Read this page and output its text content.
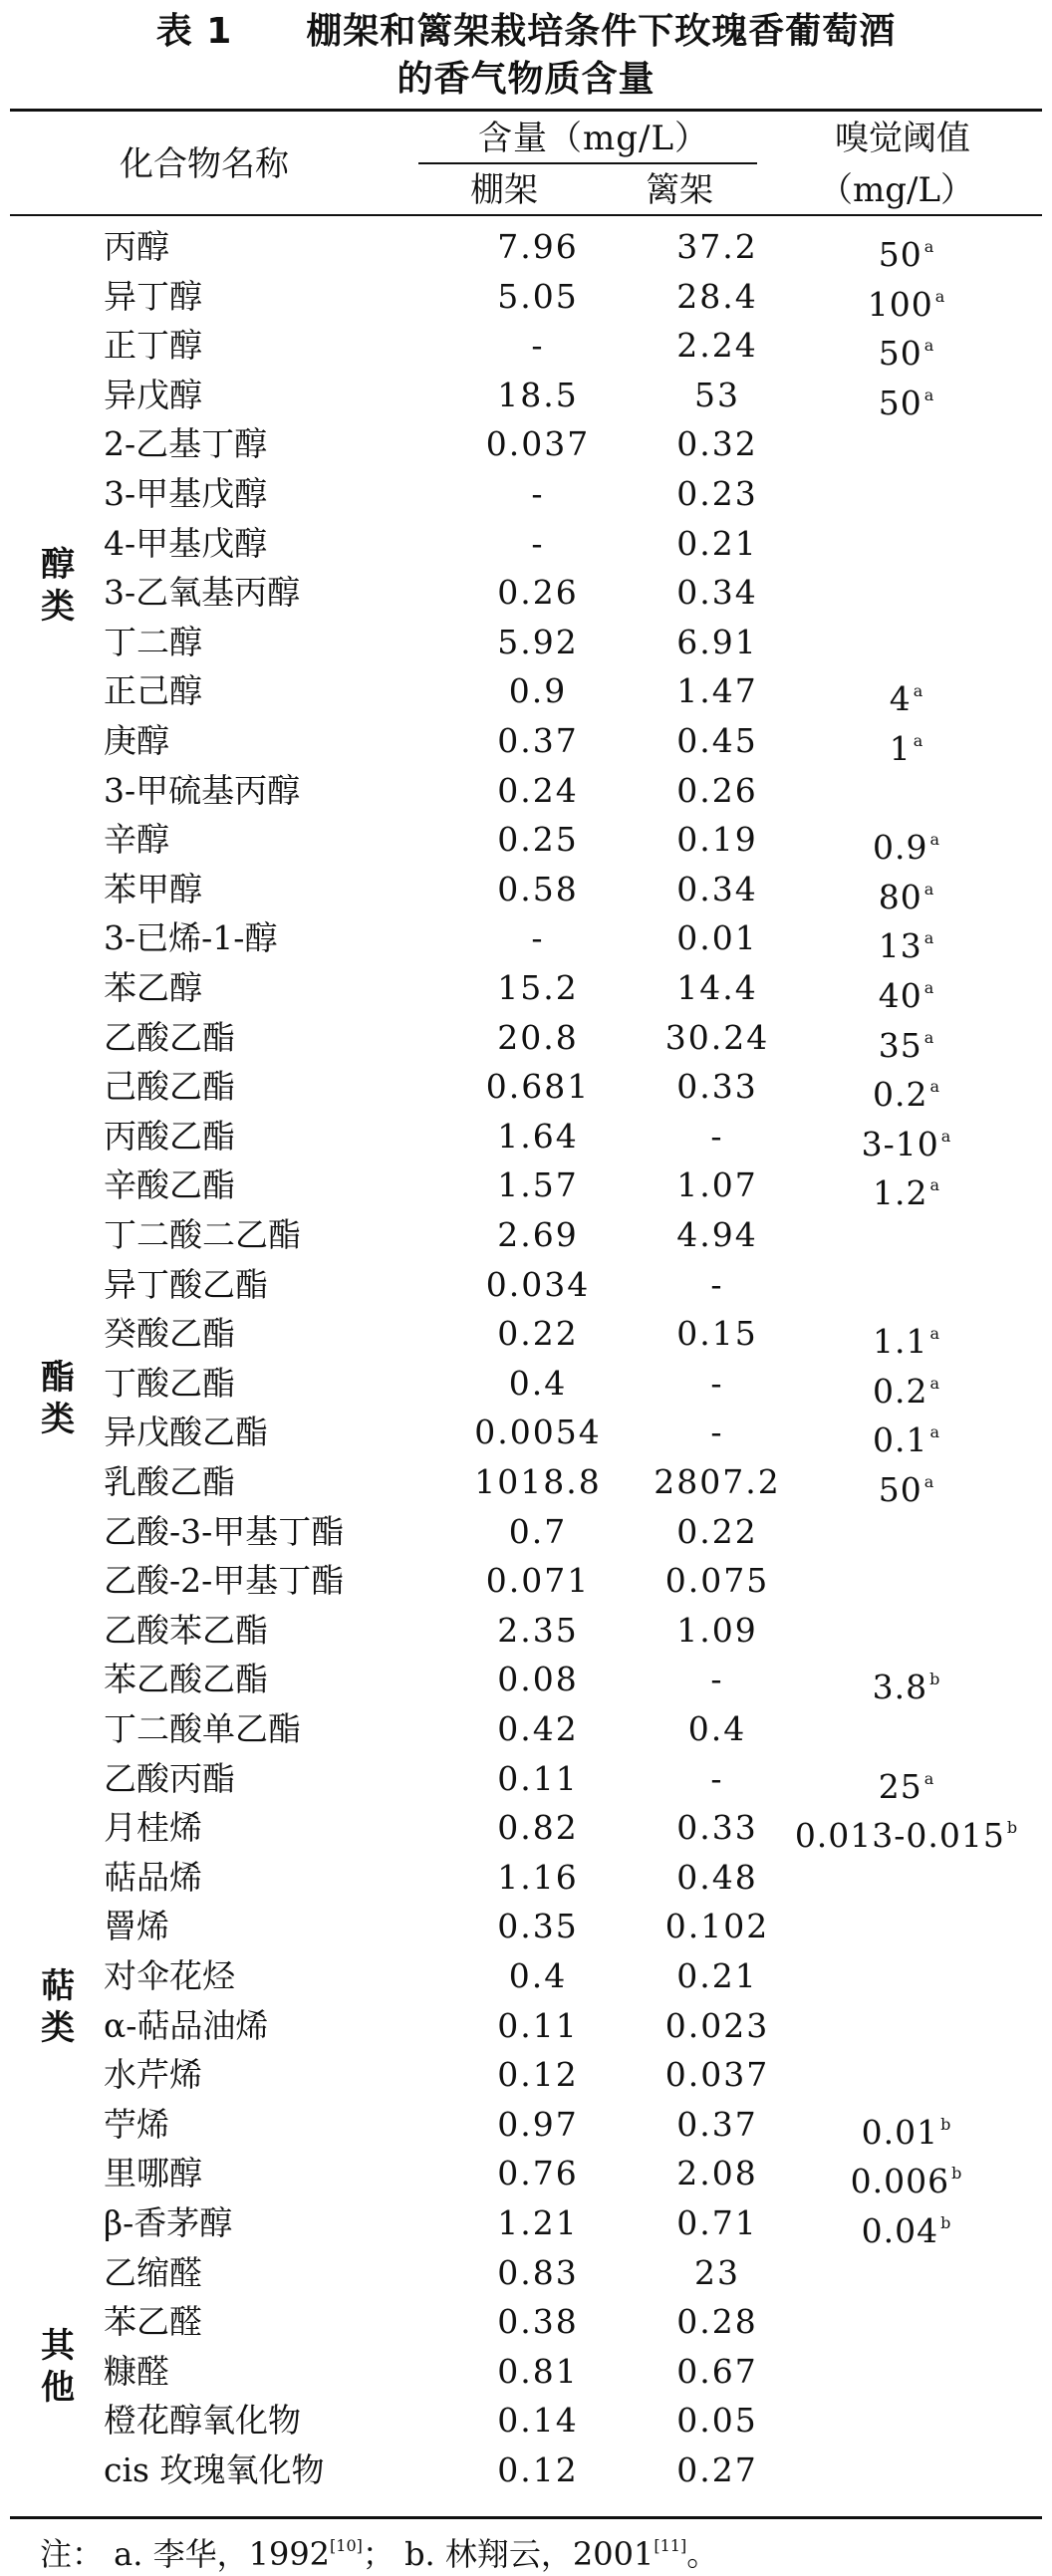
表 1　　棚架和篱架栽培条件下玫瑰香葡萄酒
的香气物质含量
化合物名称
含量（mg/L）
棚架	篱架
嗅觉阈值
（mg/L）
醇
类
酯
类
萜
类
其
他
丙醇	7.96	37.2	50 $^a$
异丁醇	5.05	28.4	100 $^a$
正丁醇	-	2.24	50 $^a$
异戊醇	18.5	53	50 $^a$
2-乙基丁醇	0.037	0.32
3-甲基戊醇	-	0.23
4-甲基戊醇	-	0.21
3-乙氧基丙醇	0.26	0.34
丁二醇	5.92	6.91
正己醇	0.9	1.47	4 $^a$
庚醇	0.37	0.45	1 $^a$
3-甲硫基丙醇	0.24	0.26
辛醇	0.25	0.19	0.9 $^a$
苯甲醇	0.58	0.34	80 $^a$
3-已烯-1-醇	-	0.01	13 $^a$
苯乙醇	15.2	14.4	40 $^a$
乙酸乙酯	20.8	30.24	35 $^a$
己酸乙酯	0.681	0.33	0.2 $^a$
丙酸乙酯	1.64	-	3-10 $^a$
辛酸乙酯	1.57	1.07	1.2 $^a$
丁二酸二乙酯	2.69	4.94
异丁酸乙酯	0.034	-
癸酸乙酯	0.22	0.15	1.1 $^a$
丁酸乙酯	0.4	-	0.2 $^a$
异戊酸乙酯	0.0054	-	0.1 $^a$
乳酸乙酯	1018.8	2807.2	50 $^a$
乙酸-3-甲基丁酯	0.7	0.22
乙酸-2-甲基丁酯	0.071	0.075
乙酸苯乙酯	2.35	1.09
苯乙酸乙酯	0.08	-	3.8 $^b$
丁二酸单乙酯	0.42	0.4
乙酸丙酯	0.11	-	25 $^a$
月桂烯	0.82	0.33	0.013-0.015 $^b$
萜品烯	1.16	0.48
罾烯	0.35	0.102
对伞花烃	0.4	0.21
α-萜品油烯	0.11	0.023
水芹烯	0.12	0.037
苧烯	0.97	0.37	0.01 $^b$
里哪醇	0.76	2.08	0.006 $^b$
β-香茅醇	1.21	0.71	0.04 $^b$
乙缩醛	0.83	23
苯乙醛	0.38	0.28
糠醛	0.81	0.67
橙花醇氧化物	0.14	0.05
cis 玫瑰氧化物	0.12	0.27
注： a. 李华，1992[10]； b. 林翔云，2001[11]。
